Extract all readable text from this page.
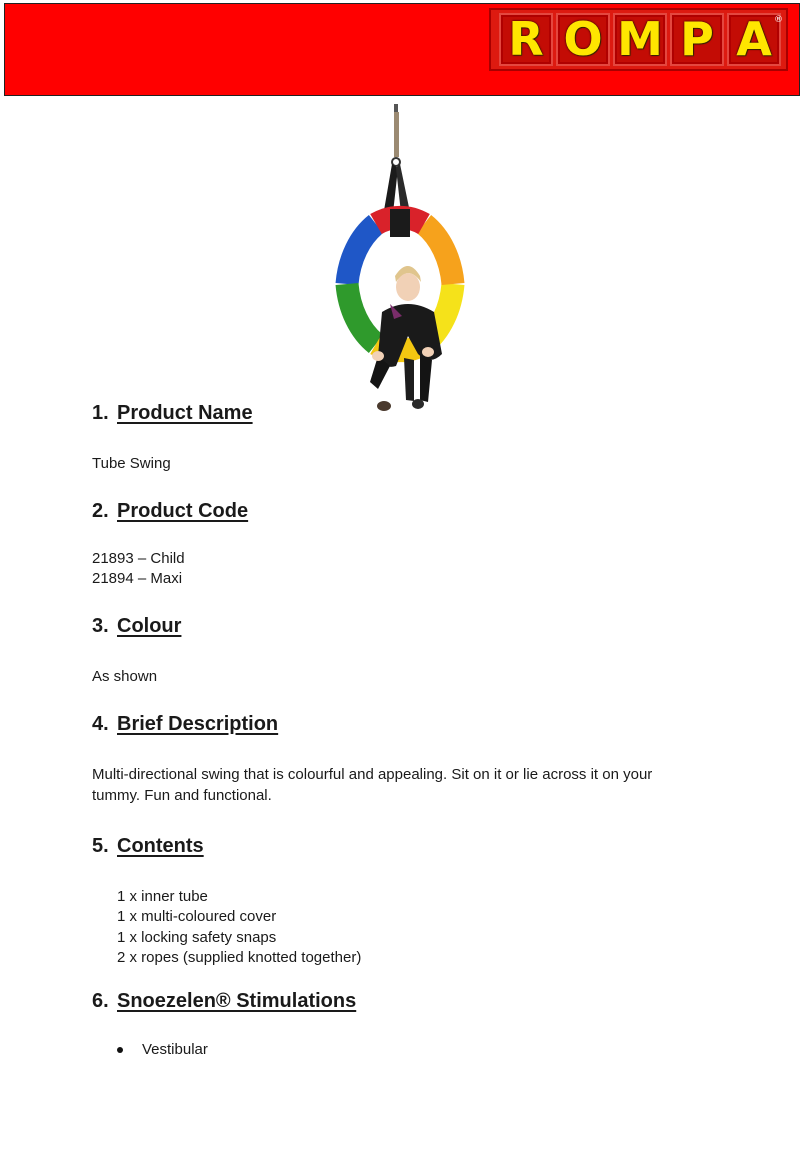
R O M P A ®
1. Product Name
Tube Swing
2. Product Code
21893 – Child
21894 – Maxi
3. Colour
As shown
4. Brief Description
Multi-directional swing that is colourful and appealing. Sit on it or lie across it on your
tummy. Fun and functional.
5. Contents
1 x inner tube
1 x multi-coloured cover
1 x locking safety snaps
2 x ropes (supplied knotted together)
6. Snoezelen® Stimulations
Vestibular
